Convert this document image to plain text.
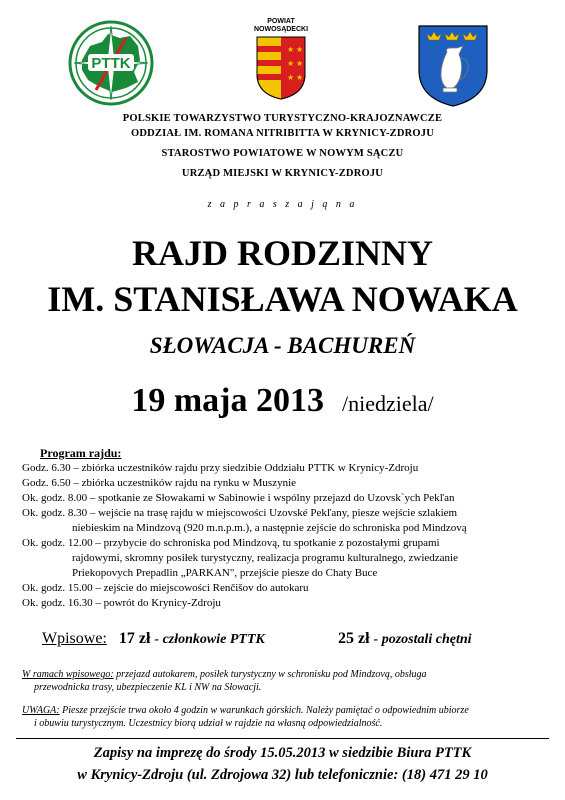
PTTK
POWIAT
NOWOSĄDECKI
★ ★
★ ★
★ ★
POLSKIE TOWARZYSTWO TURYSTYCZNO-KRAJOZNAWCZE
ODDZIAŁ IM. ROMANA NITRIBITTA W KRYNICY-ZDROJU
STAROSTWO POWIATOWE W NOWYM SĄCZU
URZĄD MIEJSKI W KRYNICY-ZDROJU
z a p r a s z a j ą n a
RAJD RODZINNY
IM. STANISŁAWA NOWAKA
SŁOWACJA - BACHUREŃ
19 maja 2013 /niedziela/
Program rajdu:
Godz. 6.30 – zbiórka uczestników rajdu przy siedzibie Oddziału PTTK w Krynicy-Zdroju
Godz. 6.50 – zbiórka uczestników rajdu na rynku w Muszynie
Ok. godz. 8.00 – spotkanie ze Słowakami w Sabinowie i wspólny przejazd do Uzovsk`ych Pekľan
Ok. godz. 8.30 – wejście na trasę rajdu w miejscowości Uzovské Pekľany, piesze wejście szlakiem
niebieskim na Mindzovą (920 m.n.p.m.), a następnie zejście do schroniska pod Mindzovą
Ok. godz. 12.00 – przybycie do schroniska pod Mindzovą, tu spotkanie z pozostałymi grupami
rajdowymi, skromny posiłek turystyczny, realizacja programu kulturalnego, zwiedzanie
Priekopovych Prepadlin „PARKAN", przejście piesze do Chaty Buce
Ok. godz. 15.00 – zejście do miejscowości Renčišov do autokaru
Ok. godz. 16.30 – powrót do Krynicy-Zdroju
Wpisowe: 17 zł - członkowie PTTK	25 zł - pozostali chętni
W ramach wpisowego: przejazd autokarem, posiłek turystyczny w schronisku pod Mindzovą, obsługa
przewodnicka trasy, ubezpieczenie KL i NW na Słowacji.
UWAGA: Piesze przejście trwa około 4 godzin w warunkach górskich. Należy pamiętać o odpowiednim ubiorze
i obuwiu turystycznym. Uczestnicy biorą udział w rajdzie na własną odpowiedzialność.
Zapisy na imprezę do środy 15.05.2013 w siedzibie Biura PTTK
w Krynicy-Zdroju (ul. Zdrojowa 32) lub telefonicznie: (18) 471 29 10
